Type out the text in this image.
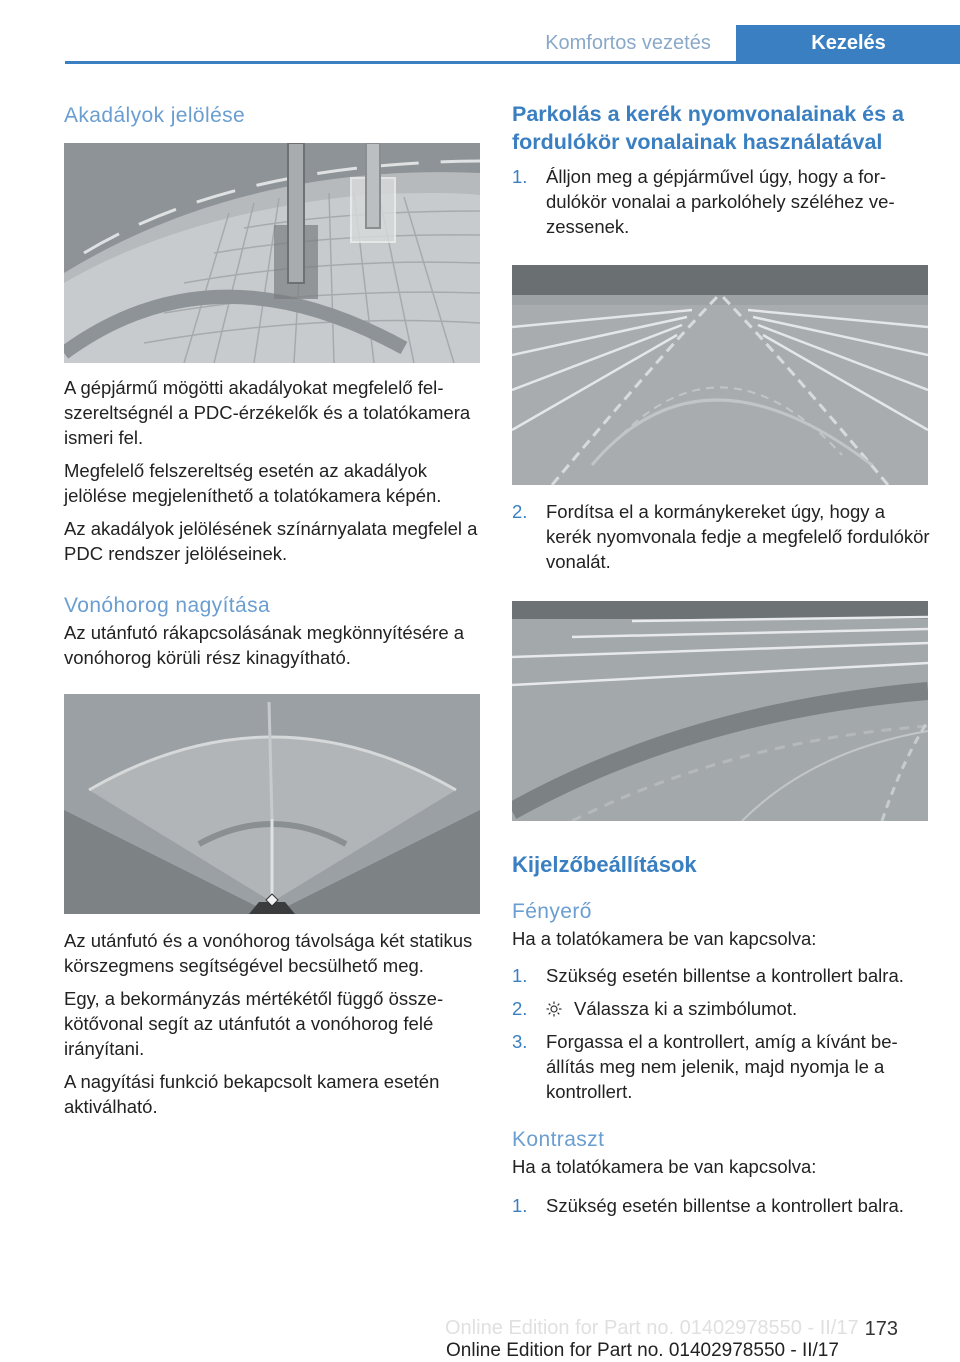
Komfortos vezetés	Kezelés
Akadályok jelölése

A gépjármű mögötti akadályokat megfelelő felszereltségnél a PDC-érzékelők és a tolatókamera ismeri fel.

Megfelelő felszereltség esetén az akadályok jelölése megjeleníthető a tolatókamera képén.

Az akadályok jelölésének színárnyalata megfelel a PDC rendszer jelöléseinek.

Vonóhorog nagyítása

Az utánfutó rákapcsolásának megkönnyítésére a vonóhorog körüli rész kinagyítható.

Az utánfutó és a vonóhorog távolsága két statikus körszegmens segítségével becsülhető meg.

Egy, a bekormányzás mértékétől függő összekötővonal segít az utánfutót a vonóhorog felé irányítani.

A nagyítási funkció bekapcsolt kamera esetén aktiválható.

Parkolás a kerék nyomvonalainak és a fordulókör vonalainak használatával
1.	Álljon meg a gépjárművel úgy, hogy a fordulókör vonalai a parkolóhely széléhez vezessenek.
2.	Fordítsa el a kormánykereket úgy, hogy a kerék nyomvonala fedje a megfelelő fordulókör vonalát.
Kijelzőbeállítások
Fényerő

Ha a tolatókamera be van kapcsolva:

1.	Szükség esetén billentse a kontrollert balra.
2.	Válassza ki a szimbólumot.
3.	Forgassa el a kontrollert, amíg a kívánt beállítás meg nem jelenik, majd nyomja le a kontrollert.
Kontraszt

Ha a tolatókamera be van kapcsolva:

1.	Szükség esetén billentse a kontrollert balra.
Online Edition for Part no. 01402978550 - II/17 173
Online Edition for Part no. 01402978550 - II/17
